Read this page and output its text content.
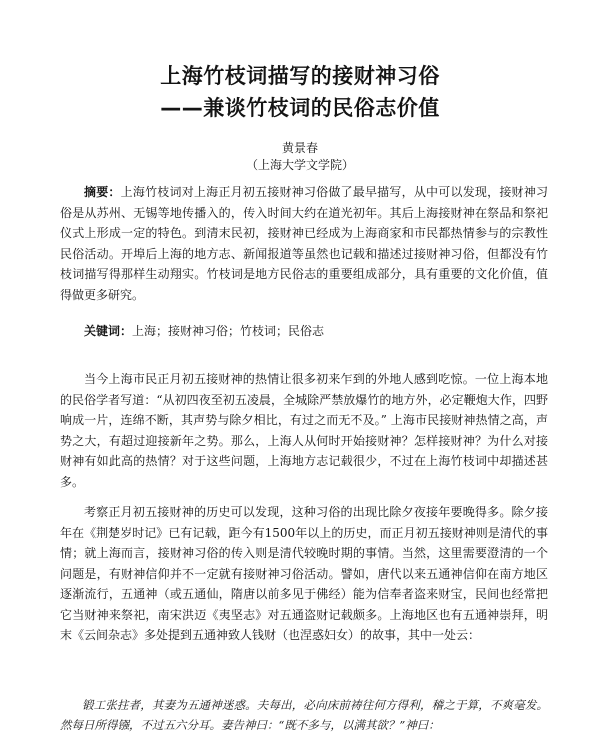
上海竹枝词描写的接财神习俗
——兼谈竹枝词的民俗志价值
黄景春
（上海大学文学院）
摘要：上海竹枝词对上海正月初五接财神习俗做了最早描写，从中可以发现，接财神习俗是从苏州、无锡等地传播入的，传入时间大约在道光初年。其后上海接财神在祭品和祭祀仪式上形成一定的特色。到清末民初，接财神已经成为上海商家和市民都热情参与的宗教性民俗活动。开埠后上海的地方志、新闻报道等虽然也记载和描述过接财神习俗，但都没有竹枝词描写得那样生动翔实。竹枝词是地方民俗志的重要组成部分，具有重要的文化价值，值得做更多研究。
关键词：上海；接财神习俗；竹枝词；民俗志
当今上海市民正月初五接财神的热情让很多初来乍到的外地人感到吃惊。一位上海本地的民俗学者写道：“从初四夜至初五凌晨，全城除严禁放爆竹的地方外，必定鞭炮大作，四野响成一片，连绵不断，其声势与除夕相比，有过之而无不及。” 上海市民接财神热情之高，声势之大，有超过迎接新年之势。那么，上海人从何时开始接财神？怎样接财神？为什么对接财神有如此高的热情？对于这些问题，上海地方志记载很少，不过在上海竹枝词中却描述甚多。
考察正月初五接财神的历史可以发现，这种习俗的出现比除夕夜接年要晚得多。除夕接年在《荆楚岁时记》已有记载，距今有1500年以上的历史，而正月初五接财神则是清代的事情；就上海而言，接财神习俗的传入则是清代较晚时期的事情。当然，这里需要澄清的一个问题是，有财神信仰并不一定就有接财神习俗活动。譬如，唐代以来五通神信仰在南方地区逐渐流行，五通神（或五通仙，隋唐以前多见于佛经）能为信奉者盗来财宝，民间也经常把它当财神来祭祀，南宋洪迈《夷坚志》对五通盗财记载颇多。上海地区也有五通神崇拜，明末《云间杂志》多处提到五通神致人钱财（也涅惑妇女）的故事，其中一处云：
锻工张拄者，其妻为五通神迷惑。夫每出，必向床前祷往何方得利，稽之于算，不爽毫发。然每日所得镪，不过五六分耳。妻告神曰：“既不多与，以满其欲？”神曰：
